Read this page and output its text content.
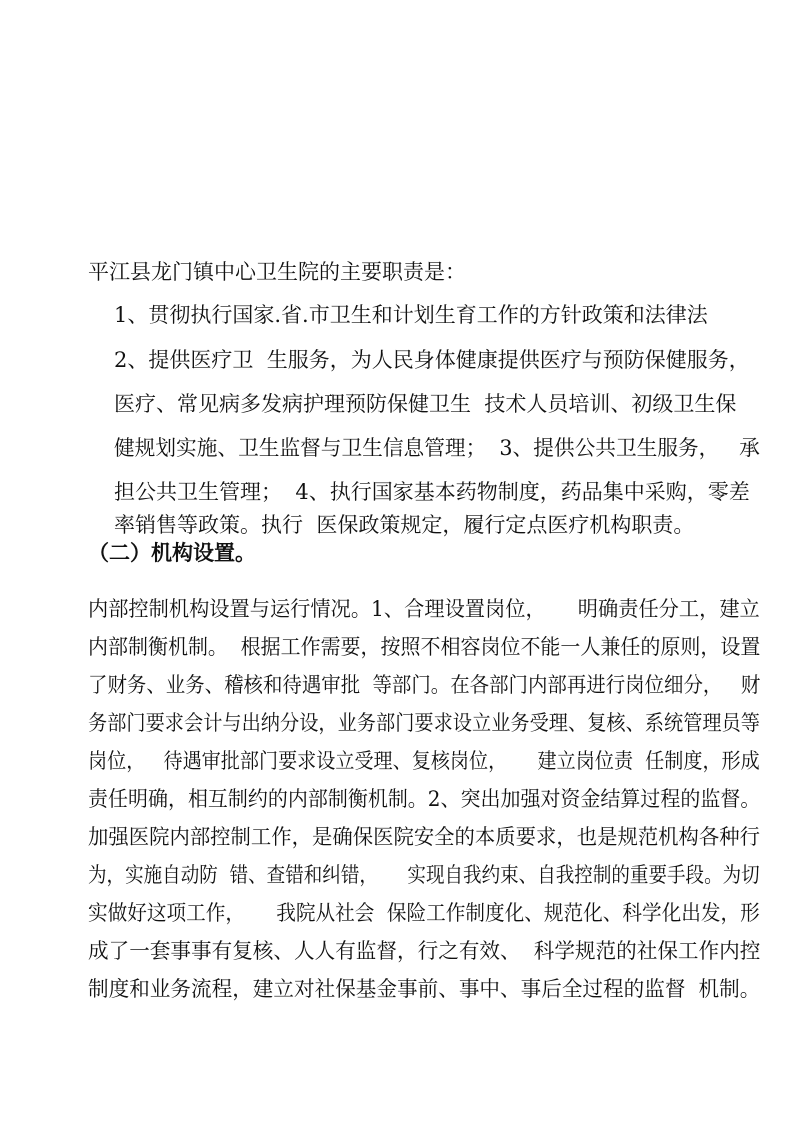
平江县龙门镇中心卫生院的主要职责是：
1、贯彻执行国家.省.市卫生和计划生育工作的方针政策和法律法
2、提供医疗卫  生服务，为人民身体健康提供医疗与预防保健服务，
医疗、常见病多发病护理预防保健卫生  技术人员培训、初级卫生保
健规划实施、卫生监督与卫生信息管理；  3、提供公共卫生服务，   承
担公共卫生管理；  4、执行国家基本药物制度，药品集中采购，零差
率销售等政策。执行  医保政策规定，履行定点医疗机构职责。
（二）机构设置。
内部控制机构设置与运行情况。1、合理设置岗位，     明确责任分工，建立
内部制衡机制。  根据工作需要，按照不相容岗位不能一人兼任的原则，设置
了财务、业务、稽核和待遇审批  等部门。在各部门内部再进行岗位细分，   财
务部门要求会计与出纳分设，业务部门要求设立业务受理、复核、系统管理员等
岗位，   待遇审批部门要求设立受理、复核岗位，     建立岗位责  任制度，形成
责任明确，相互制约的内部制衡机制。2、突出加强对资金结算过程的监督。
加强医院内部控制工作，是确保医院安全的本质要求，也是规范机构各种行
为，实施自动防  错、查错和纠错，     实现自我约束、自我控制的重要手段。为切
实做好这项工作，     我院从社会  保险工作制度化、规范化、科学化出发，形
成了一套事事有复核、人人有监督，行之有效、  科学规范的社保工作内控
制度和业务流程，建立对社保基金事前、事中、事后全过程的监督  机制。
